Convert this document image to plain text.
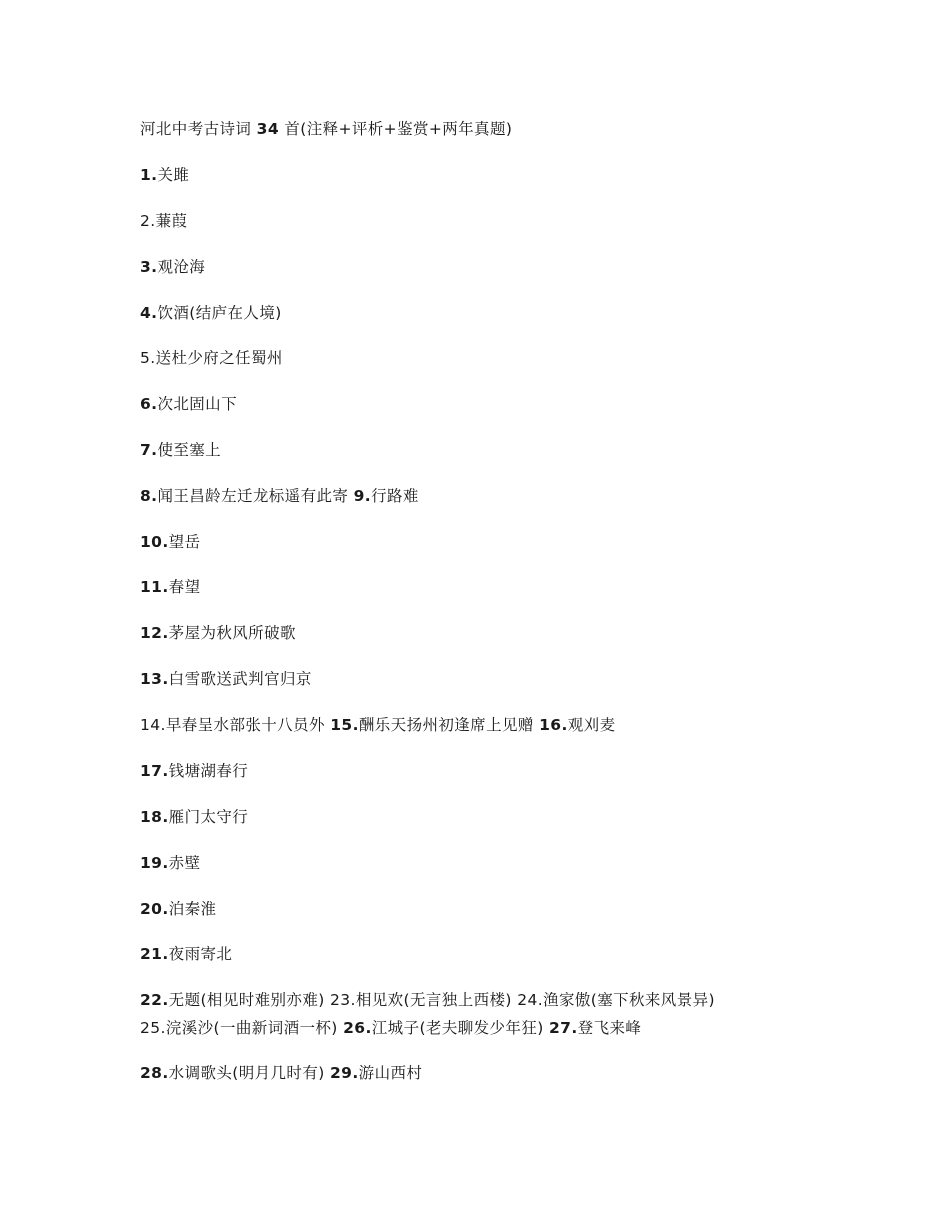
河北中考古诗词 34 首(注释+评析+鉴赏+两年真题)
1.关雎
2.蒹葭
3.观沧海
4.饮酒(结庐在人境)
5.送杜少府之任蜀州
6.次北固山下
7.使至塞上
8.闻王昌龄左迁龙标遥有此寄 9.行路难
10.望岳
11.春望
12.茅屋为秋风所破歌
13.白雪歌送武判官归京
14.早春呈水部张十八员外 15.酬乐天扬州初逢席上见赠 16.观刈麦
17.钱塘湖春行
18.雁门太守行
19.赤壁
20.泊秦淮
21.夜雨寄北
22.无题(相见时难别亦难) 23.相见欢(无言独上西楼) 24.渔家傲(塞下秋来风景异)
25.浣溪沙(一曲新词酒一杯) 26.江城子(老夫聊发少年狂) 27.登飞来峰
28.水调歌头(明月几时有) 29.游山西村
